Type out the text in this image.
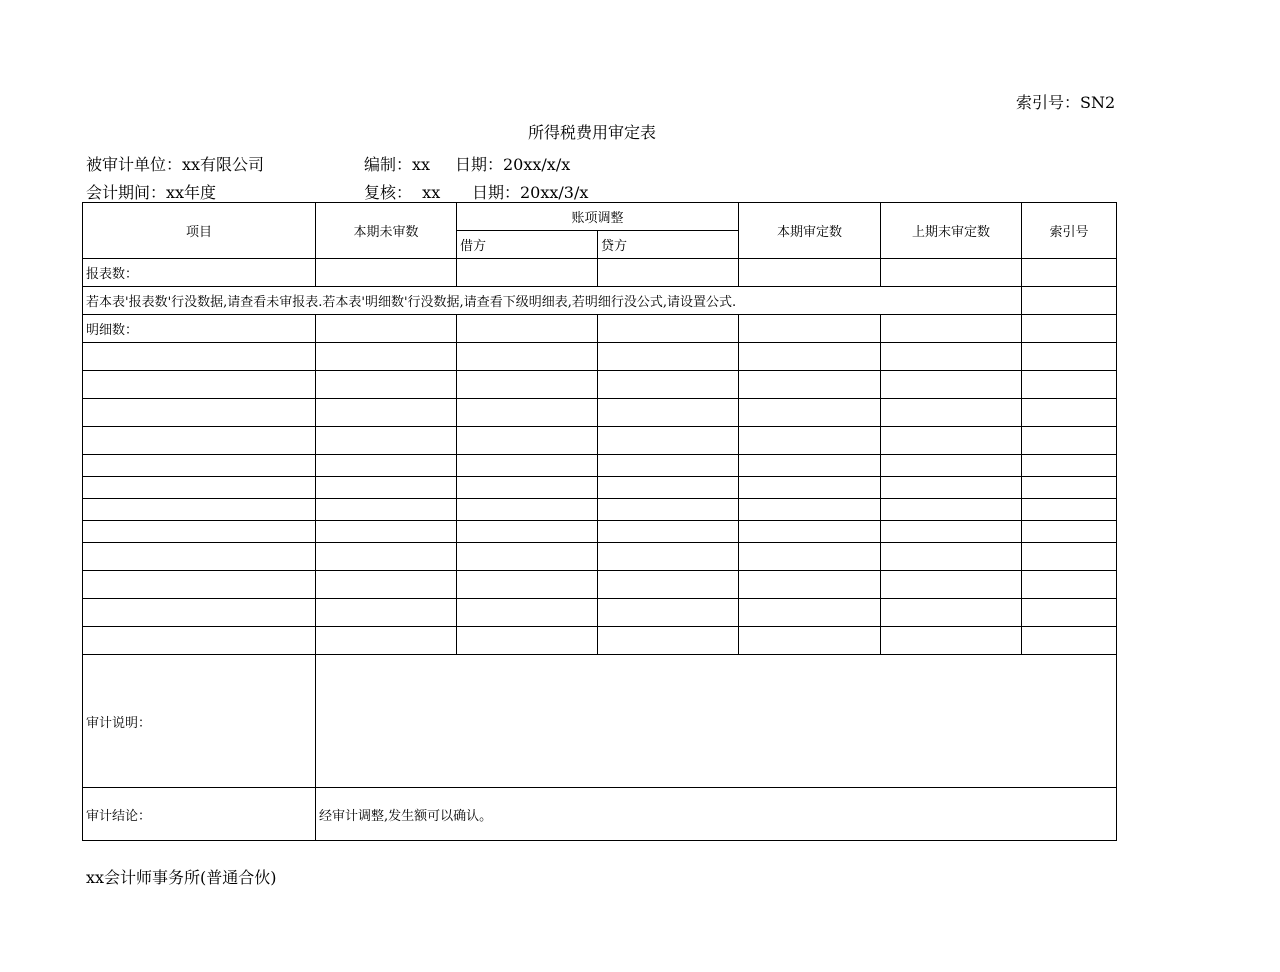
索引号：SN2
所得税费用审定表
被审计单位：xx有限公司	编制：xx 日期：20xx/x/x
会计期间：xx年度	复核：  xx 日期：20xx/3/x
项目	本期未审数	账项调整		本期审定数	上期末审定数	索引号
		借方	贷方			
报表数：						
若本表'报表数'行没数据,请查看未审报表.若本表'明细数'行没数据,请查看下级明细表,若明细行没公式,请设置公式.						
明细数：						

审计说明：						
审计结论：	经审计调整,发生额可以确认。					
xx会计师事务所(普通合伙)
